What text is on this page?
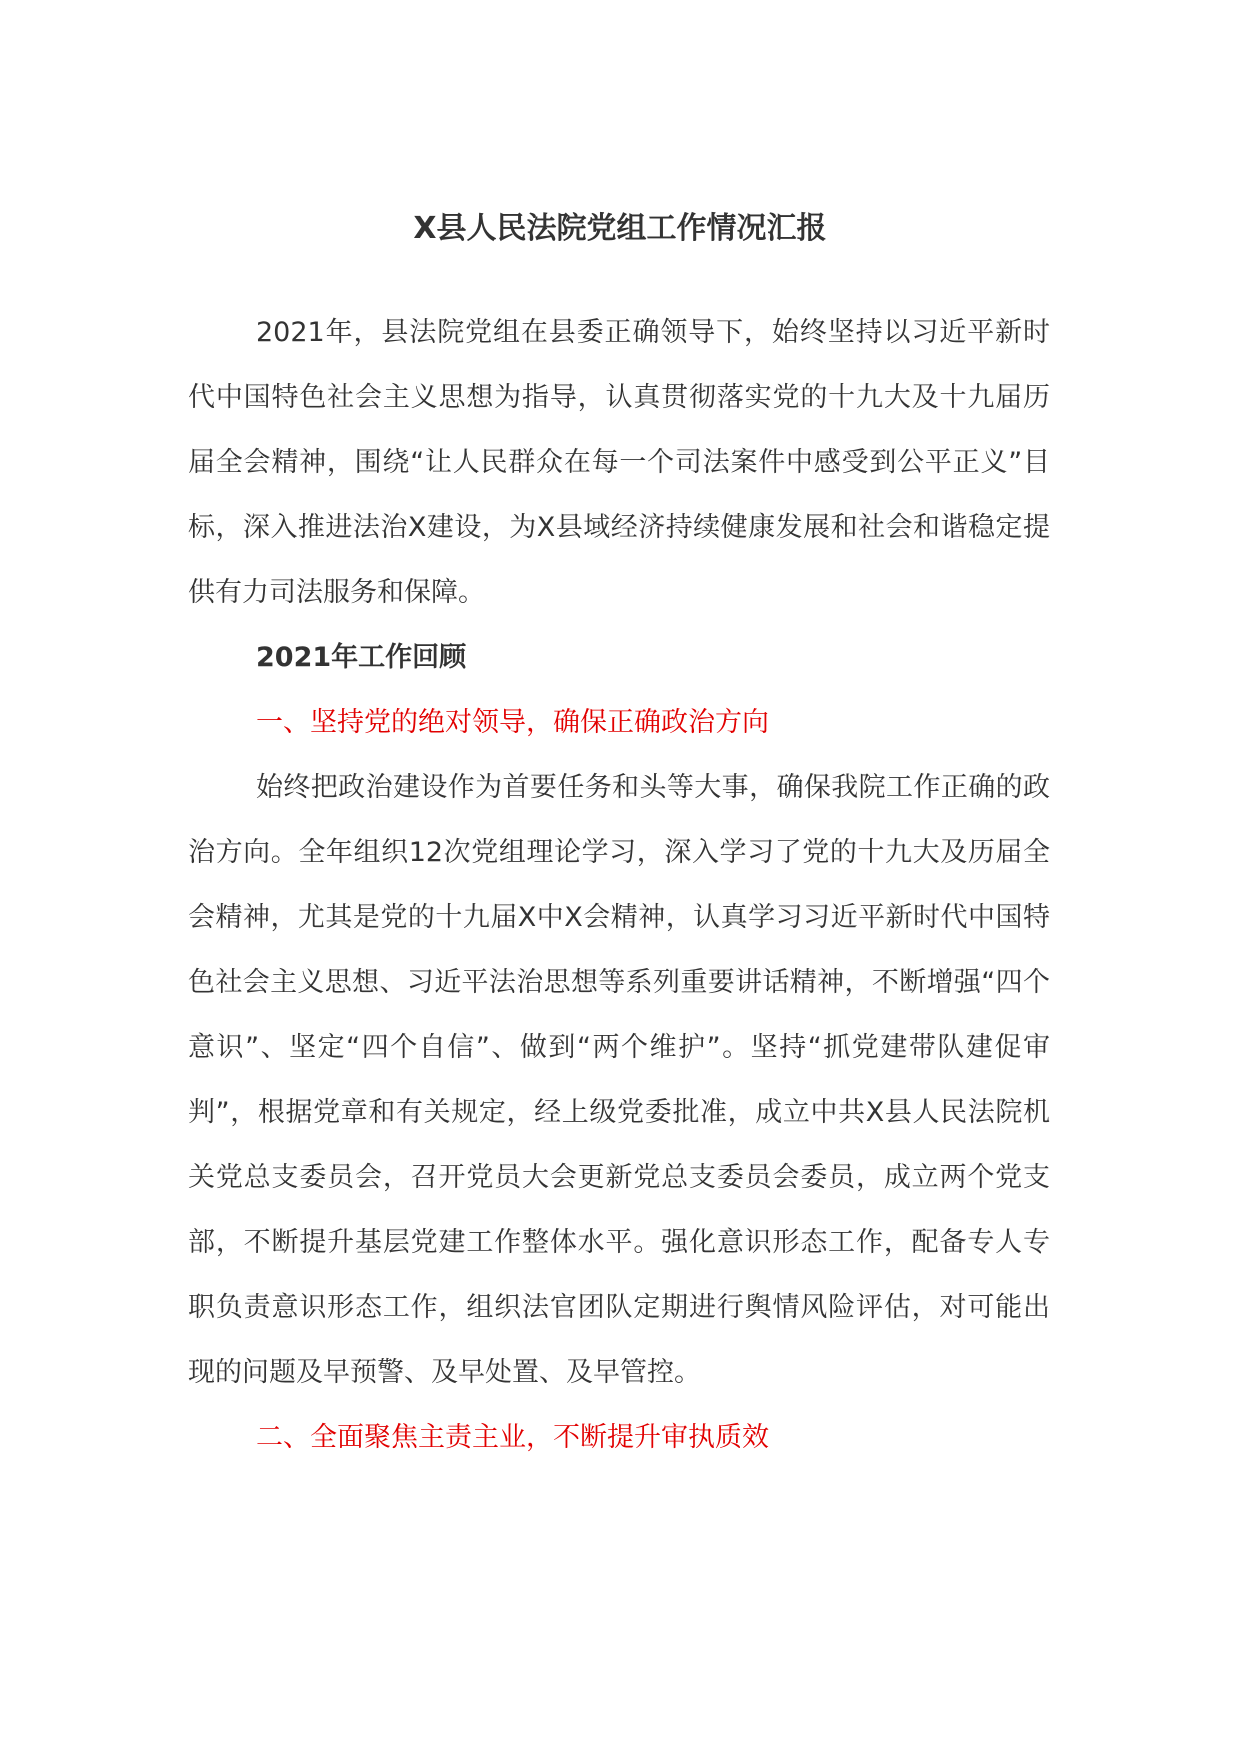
X县人民法院党组工作情况汇报

2021年，县法院党组在县委正确领导下，始终坚持以习近平新时代中国特色社会主义思想为指导，认真贯彻落实党的十九大及十九届历届全会精神，围绕“让人民群众在每一个司法案件中感受到公平正义”目标，深入推进法治X建设，为X县域经济持续健康发展和社会和谐稳定提供有力司法服务和保障。

2021年工作回顾

一、坚持党的绝对领导，确保正确政治方向

始终把政治建设作为首要任务和头等大事，确保我院工作正确的政治方向。全年组织12次党组理论学习，深入学习了党的十九大及历届全会精神，尤其是党的十九届X中X会精神，认真学习习近平新时代中国特色社会主义思想、习近平法治思想等系列重要讲话精神，不断增强“四个意识”、坚定“四个自信”、做到“两个维护”。坚持“抓党建带队建促审判”，根据党章和有关规定，经上级党委批准，成立中共X县人民法院机关党总支委员会，召开党员大会更新党总支委员会委员，成立两个党支部，不断提升基层党建工作整体水平。强化意识形态工作，配备专人专职负责意识形态工作，组织法官团队定期进行舆情风险评估，对可能出现的问题及早预警、及早处置、及早管控。

二、全面聚焦主责主业，不断提升审执质效
